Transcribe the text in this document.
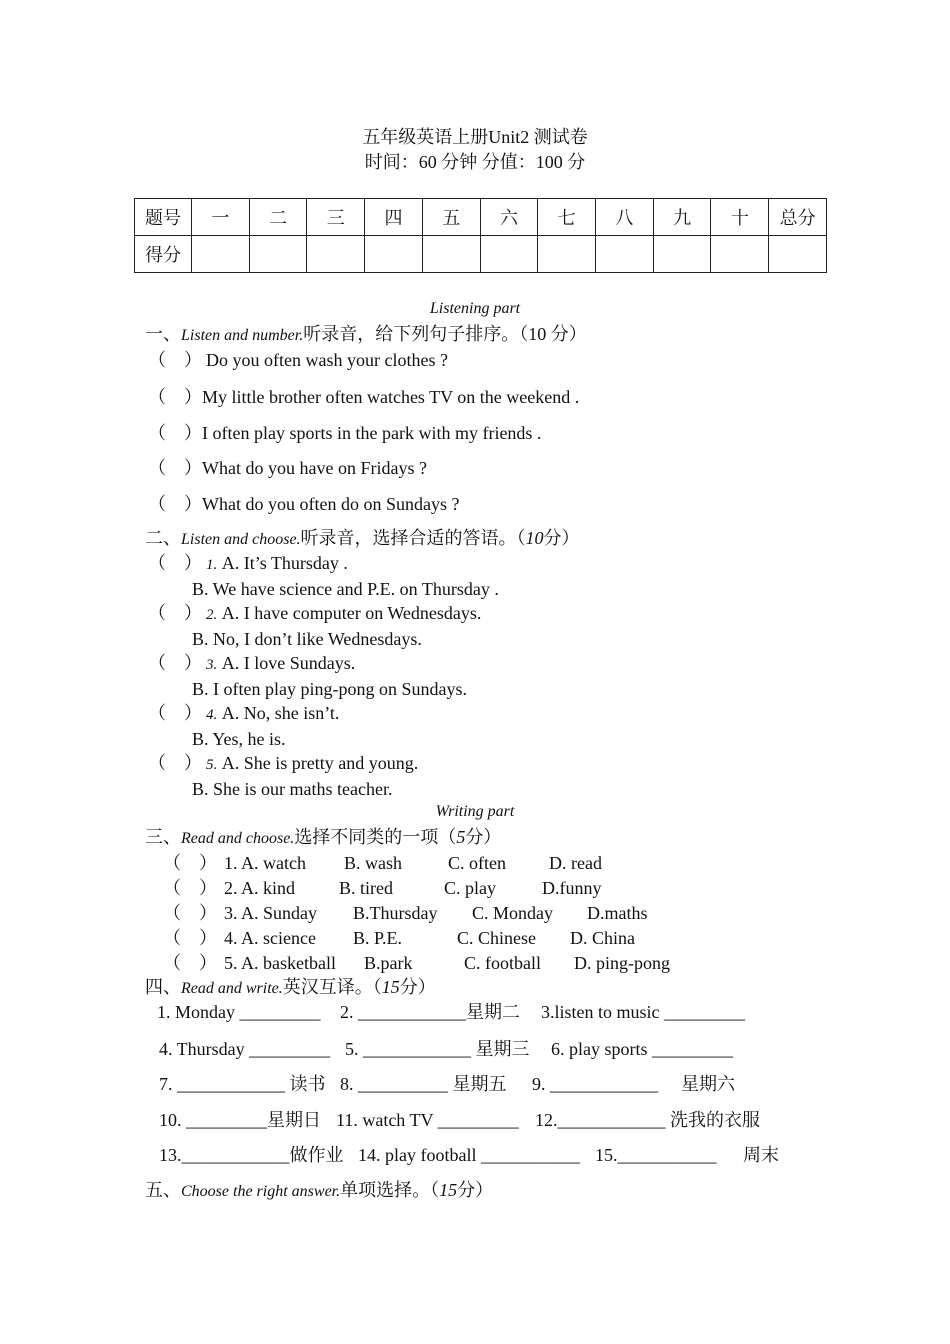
五年级英语上册Unit2 测试卷
时间：60 分钟 分值：100 分
题号	一	二	三	四	五	六	七	八	九	十	总分
得分											
Listening part
一、Listen and number.听录音，给下列句子排序。（10 分）
（　） Do you often wash your clothes ?
（　）My little brother often watches TV on the weekend .
（　）I often play sports in the park with my friends .
（　）What do you have on Fridays ?
（　）What do you often do on Sundays ?
二、Listen and choose.听录音，选择合适的答语。（10分）
（　） 1. A. It’s Thursday .
B. We have science and P.E. on Thursday .
（　） 2. A. I have computer on Wednesdays.
B. No, I don’t like Wednesdays.
（　） 3. A. I love Sundays.
B. I often play ping-pong on Sundays.
（　） 4. A. No, she isn’t.
B. Yes, he is.
（　） 5. A. She is pretty and young.
B. She is our maths teacher.
Writing part
三、Read and choose.选择不同类的一项（5分）
（　） 1. A. watch B. wash	C. often D. read
（　） 2. A. kind B. tired	C. play	D.funny
（　） 3. A. Sunday B.Thursday C. Monday D.maths
（　） 4. A. science B. P.E.	C. Chinese D. China
（　） 5. A. basketball B.park	C. football D. ping-pong
四、Read and write.英汉互译。（15分）
1. Monday _________ 2. ____________星期二 3.listen to music _________
4. Thursday _________ 5. ____________ 星期三 6. play sports _________
7. ____________ 读书 8. __________ 星期五 9. ____________ 星期六
10. _________星期日 11. watch TV _________ 12.____________ 洗我的衣服
13.____________做作业 14. play football ___________ 15.___________ 周末
五、Choose the right answer.单项选择。（15分）
